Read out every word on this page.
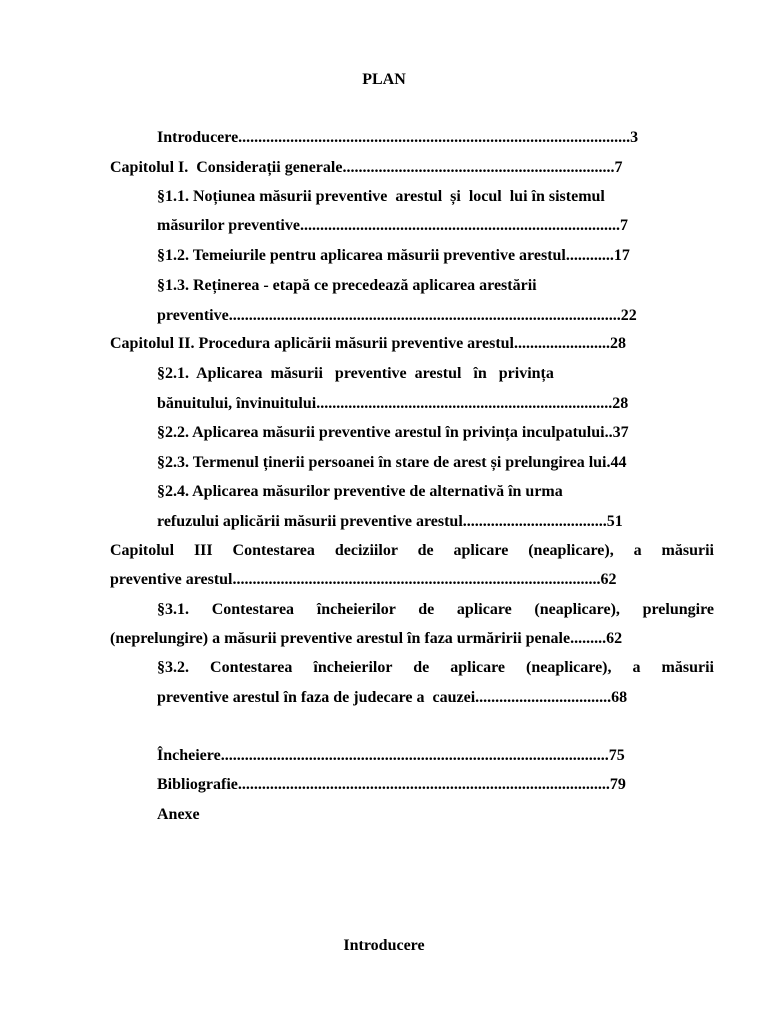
PLAN
Introducere..................................................................................................3
Capitolul I.  Considerații generale....................................................................7
§1.1. Noțiunea măsurii preventive  arestul  și  locul  lui în sistemul
măsurilor preventive................................................................................7
§1.2. Temeiurile pentru aplicarea măsurii preventive arestul............17
§1.3. Reținerea - etapă ce precedează aplicarea arestării
preventive..................................................................................................22
Capitolul II. Procedura aplicării măsurii preventive arestul........................28
§2.1.  Aplicarea  măsurii   preventive  arestul   în   privința
bănuitului, învinuitului..........................................................................28
§2.2. Aplicarea măsurii preventive arestul în privința inculpatului..37
§2.3. Termenul ținerii persoanei în stare de arest și prelungirea lui.44
§2.4. Aplicarea măsurilor preventive de alternativă în urma
refuzului aplicării măsurii preventive arestul....................................51
Capitolul III Contestarea deciziilor de aplicare (neaplicare), a măsurii
preventive arestul............................................................................................62
§3.1. Contestarea încheierilor de aplicare (neaplicare), prelungire
(neprelungire) a măsurii preventive arestul în faza urmăririi penale.........62
§3.2. Contestarea încheierilor de aplicare (neaplicare), a măsurii
preventive arestul în faza de judecare a  cauzei..................................68
Încheiere.................................................................................................75
Bibliografie.............................................................................................79
Anexe
Introducere
